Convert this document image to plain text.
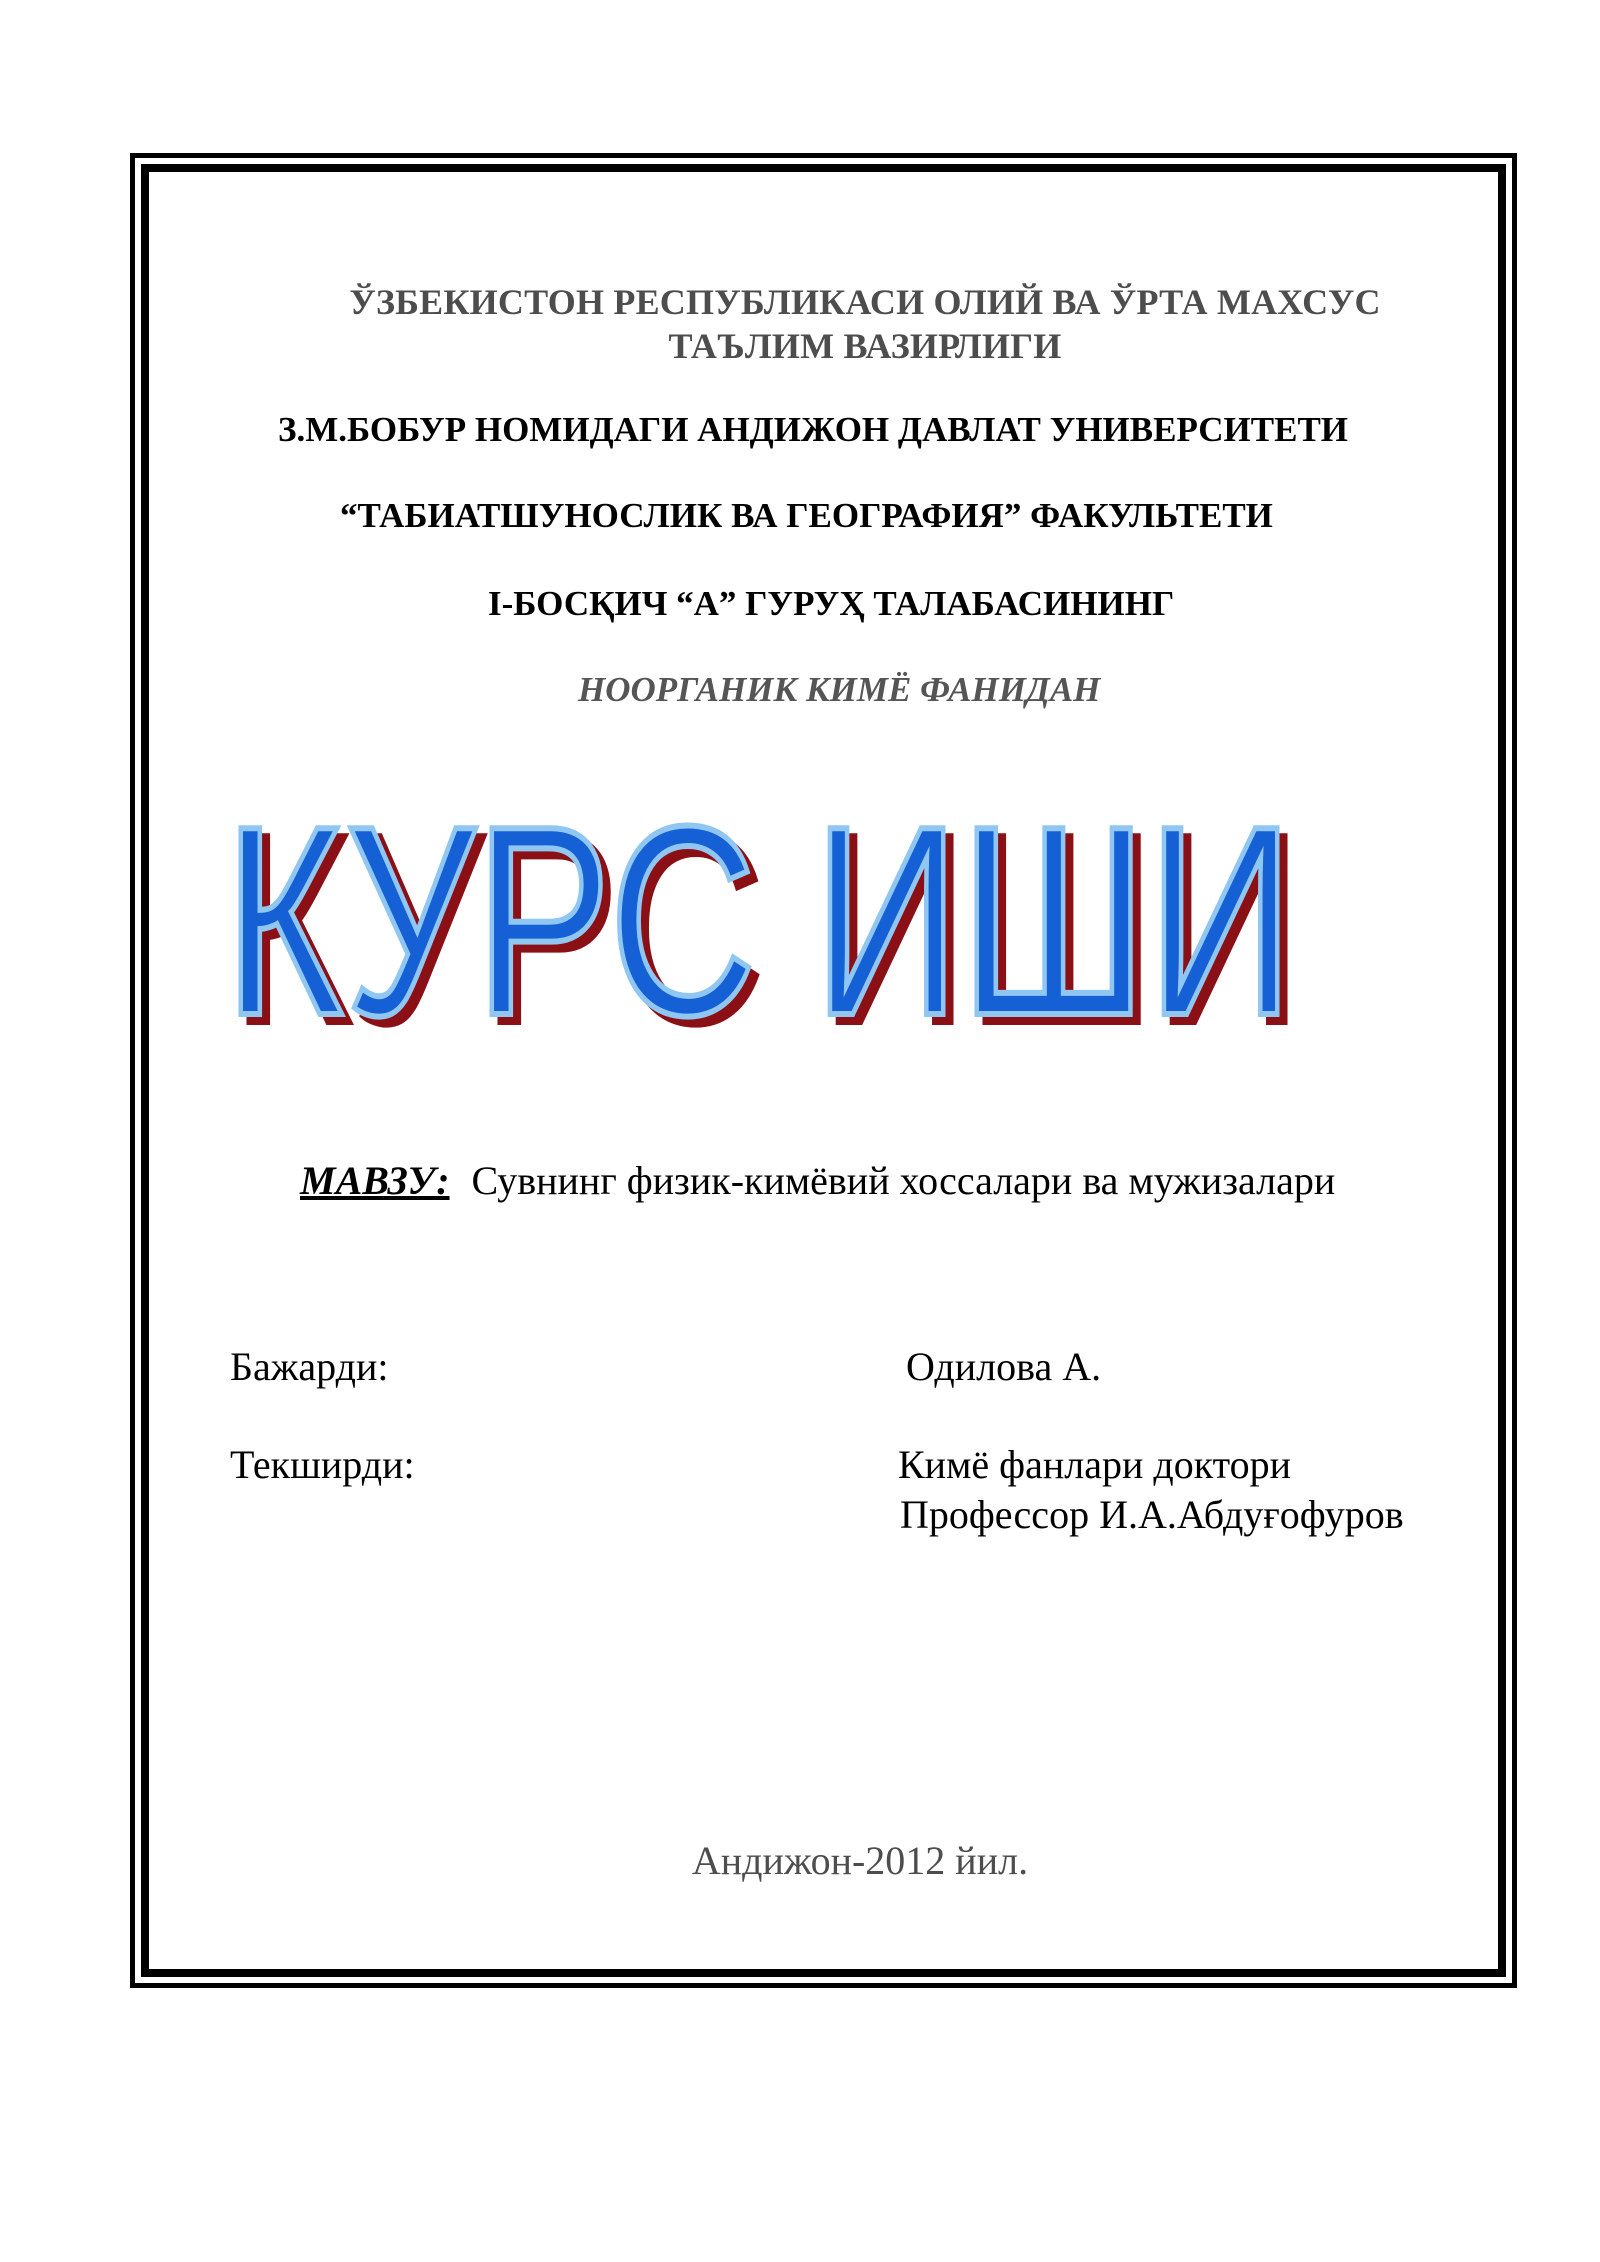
ЎЗБЕКИСТОН РЕСПУБЛИКАСИ ОЛИЙ ВА ЎРТА МАХСУС
ТАЪЛИМ ВАЗИРЛИГИ
З.М.БОБУР НОМИДАГИ АНДИЖОН ДАВЛАТ УНИВЕРСИТЕТИ
“ТАБИАТШУНОСЛИК ВА ГЕОГРАФИЯ” ФАКУЛЬТЕТИ
I-БОСҚИЧ “А” ГУРУҲ ТАЛАБАСИНИНГ
НООРГАНИК КИМЁ ФАНИДАН
КУРС ИШИ
КУРС ИШИ
МАВЗУ: Сувнинг физик-кимёвий хоссалари ва мужизалари
Бажарди:	Одилова А.
Текширди:	Кимё фанлари доктори
Профессор И.А.Абдуғофуров
Андижон-2012 йил.
